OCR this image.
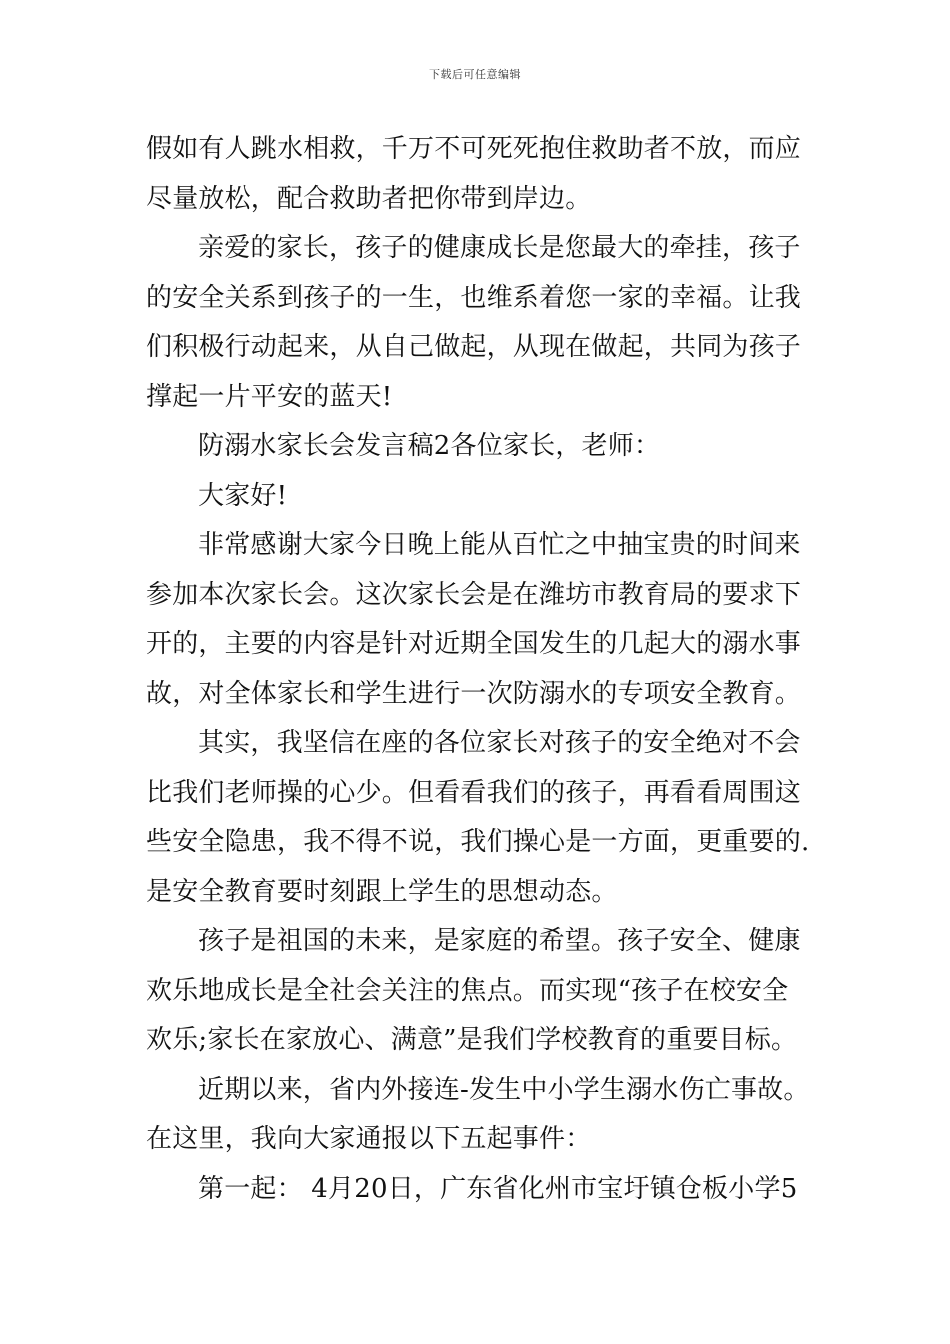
下载后可任意编辑

假如有人跳水相救，千万不可死死抱住救助者不放，而应
尽量放松，配合救助者把你带到岸边。

亲爱的家长，孩子的健康成长是您最大的牵挂，孩子
的安全关系到孩子的一生，也维系着您一家的幸福。让我
们积极行动起来，从自己做起，从现在做起，共同为孩子
撑起一片平安的蓝天!

防溺水家长会发言稿2各位家长，老师：

大家好!

非常感谢大家今日晚上能从百忙之中抽宝贵的时间来
参加本次家长会。这次家长会是在潍坊市教育局的要求下
开的，主要的内容是针对近期全国发生的几起大的溺水事
故，对全体家长和学生进行一次防溺水的专项安全教育。

其实，我坚信在座的各位家长对孩子的安全绝对不会
比我们老师操的心少。但看看我们的孩子，再看看周围这
些安全隐患，我不得不说，我们操心是一方面，更重要的.
是安全教育要时刻跟上学生的思想动态。

孩子是祖国的未来，是家庭的希望。孩子安全、健康
欢乐地成长是全社会关注的焦点。而实现“孩子在校安全
欢乐;家长在家放心、满意”是我们学校教育的重要目标。

近期以来，省内外接连-发生中小学生溺水伤亡事故。
在这里，我向大家通报以下五起事件：

第一起： 4月20日，广东省化州市宝圩镇仓板小学5
